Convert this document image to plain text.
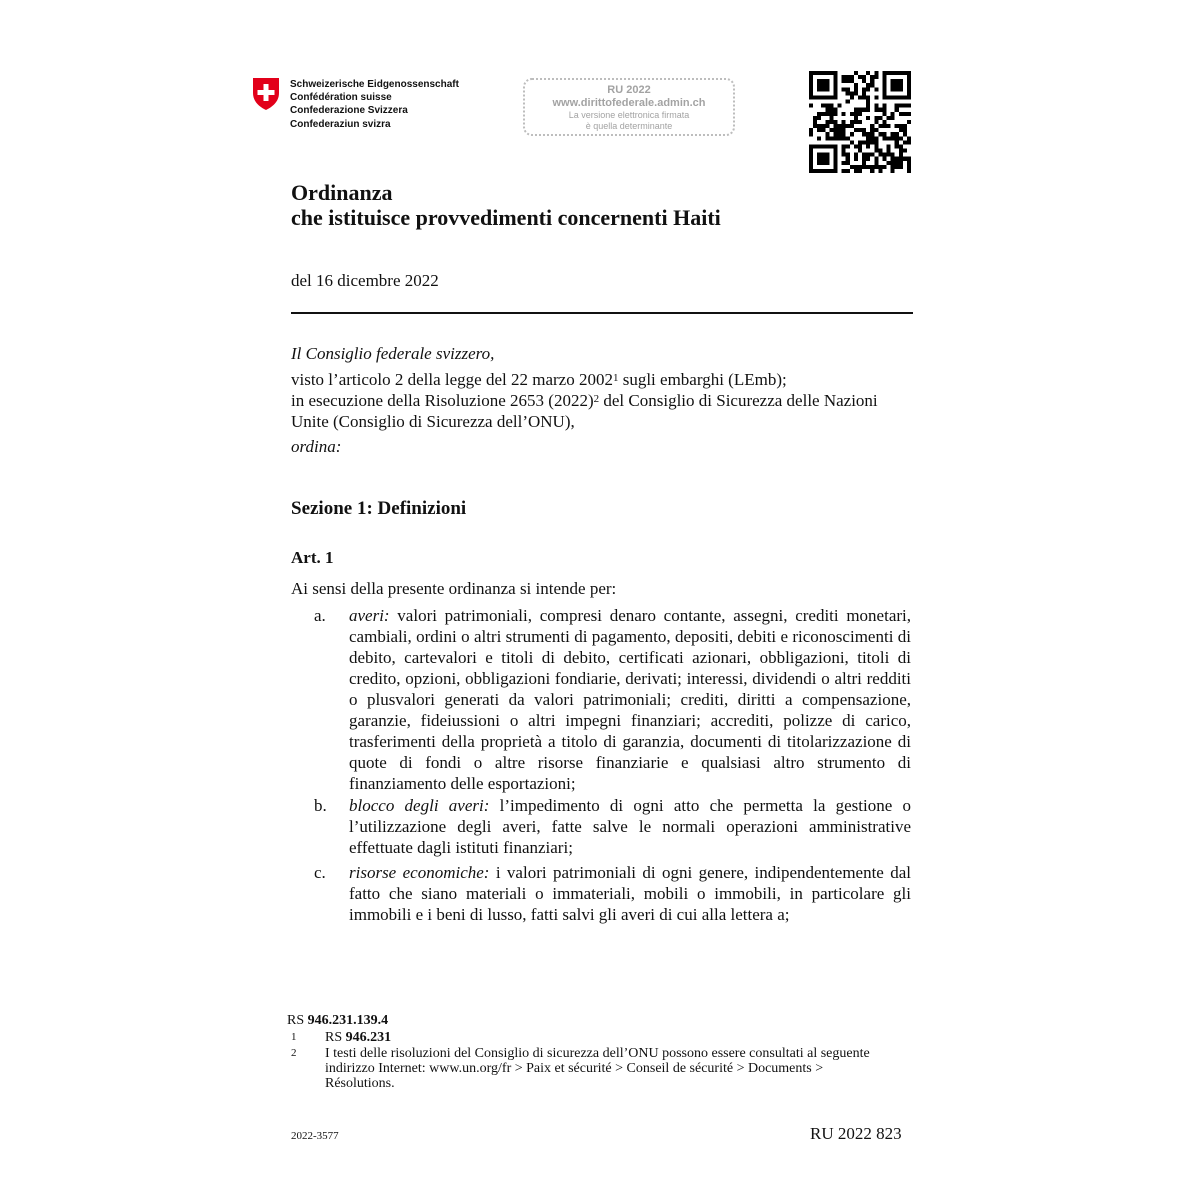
Schweizerische Eidgenossenschaft
Confédération suisse
Confederazione Svizzera
Confederaziun svizra
RU 2022
www.dirittofederale.admin.ch
La versione elettronica firmata
è quella determinante
Ordinanza
che istituisce provvedimenti concernenti Haiti
del 16 dicembre 2022
Il Consiglio federale svizzero,
visto l’articolo 2 della legge del 22 marzo 2002$^1$ sugli embarghi (LEmb);
in esecuzione della Risoluzione 2653 $(2022)^2$ del Consiglio di Sicurezza delle Nazioni Unite (Consiglio di Sicurezza dell’ONU),
ordina:
Sezione 1: Definizioni
Art. 1
Ai sensi della presente ordinanza si intende per:
a. averi: valori patrimoniali, compresi denaro contante, assegni, crediti monetari, cambiali, ordini o altri strumenti di pagamento, depositi, debiti e riconoscimenti di debito, cartevalori e titoli di debito, certificati azionari, obbligazioni, titoli di credito, opzioni, obbligazioni fondiarie, derivati; interessi, dividendi o altri redditi o plusvalori generati da valori patrimoniali; crediti, diritti a compensazione, garanzie, fideiussioni o altri impegni finanziari; accrediti, polizze di carico, trasferimenti della proprietà a titolo di garanzia, documenti di titolarizzazione di quote di fondi o altre risorse finanziarie e qualsiasi altro strumento di finanziamento delle esportazioni;
b. blocco degli averi: l’impedimento di ogni atto che permetta la gestione o l’utilizzazione degli averi, fatte salve le normali operazioni amministrative effettuate dagli istituti finanziari;
c. risorse economiche: i valori patrimoniali di ogni genere, indipendentemente dal fatto che siano materiali o immateriali, mobili o immobili, in particolare gli immobili e i beni di lusso, fatti salvi gli averi di cui alla lettera a;
RS 946.231.139.4
1 RS 946.231
2 I testi delle risoluzioni del Consiglio di sicurezza dell’ONU possono essere consultati al seguente indirizzo Internet: www.un.org/fr > Paix et sécurité > Conseil de sécurité > Documents > Résolutions.
2022-3577	RU 2022 823
